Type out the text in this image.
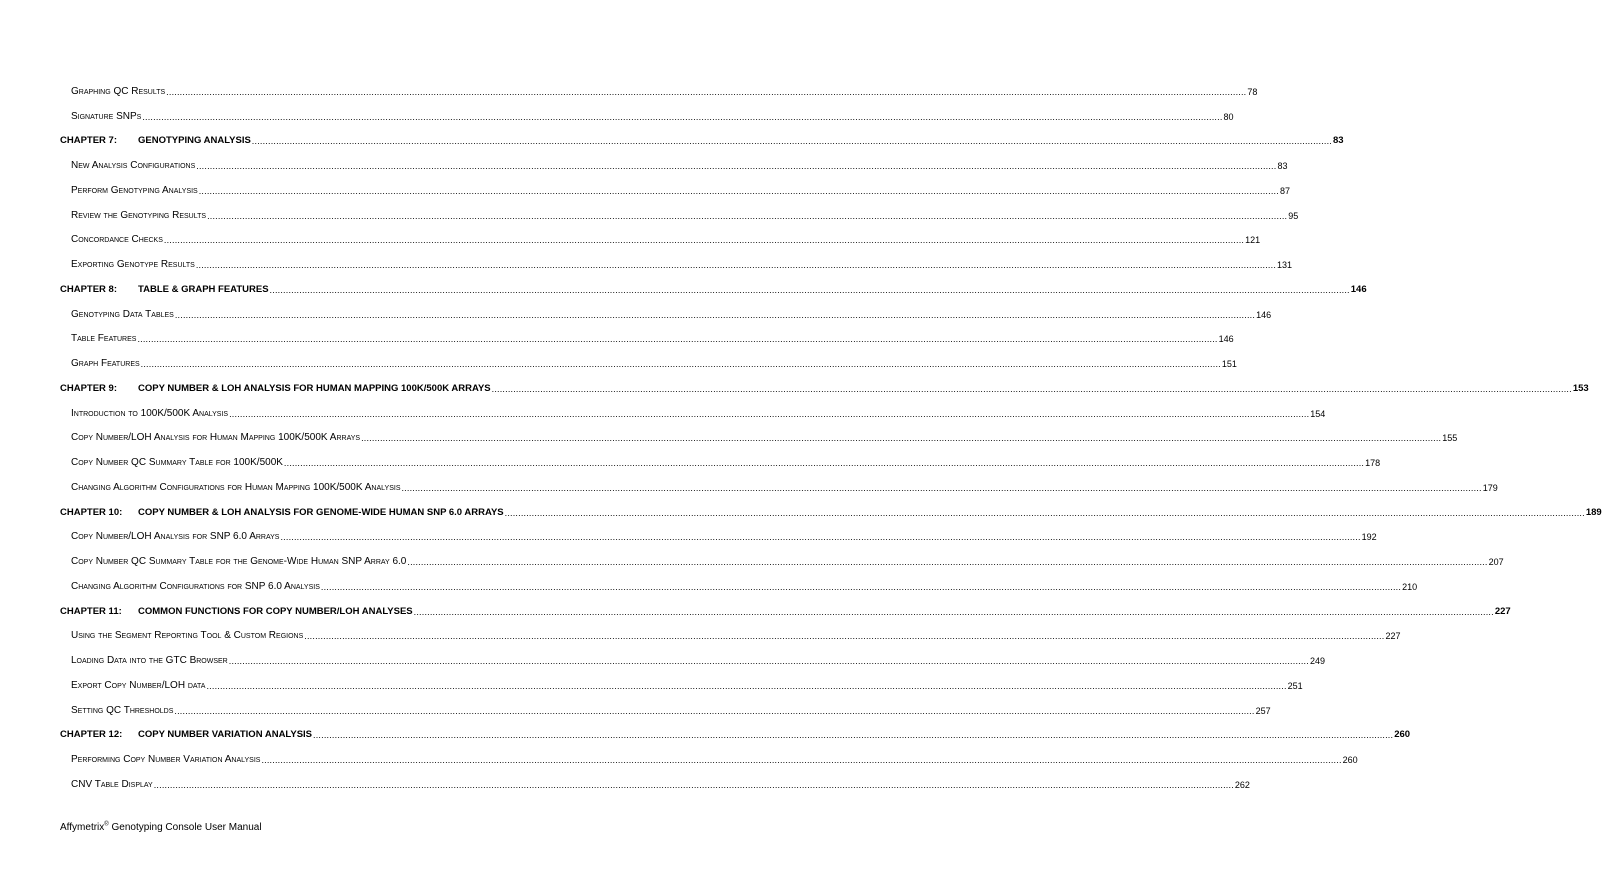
Graphing QC Results ................................................................................................................................................................................................................................................................................................................................................................................................................ 78
Signature SNPs ................................................................................................................................................................................................................................................................................................................................................................................................................ 80
CHAPTER 7: GENOTYPING ANALYSIS ................................................................................................................................................................................................................................................................................................................................................................................................................ 83
New Analysis Configurations ................................................................................................................................................................................................................................................................................................................................................................................................................ 83
Perform Genotyping Analysis ................................................................................................................................................................................................................................................................................................................................................................................................................ 87
Review the Genotyping Results ................................................................................................................................................................................................................................................................................................................................................................................................................ 95
Concordance Checks ................................................................................................................................................................................................................................................................................................................................................................................................................ 121
Exporting Genotype Results ................................................................................................................................................................................................................................................................................................................................................................................................................ 131
CHAPTER 8: TABLE & GRAPH FEATURES ................................................................................................................................................................................................................................................................................................................................................................................................................ 146
Genotyping Data Tables ................................................................................................................................................................................................................................................................................................................................................................................................................ 146
Table Features ................................................................................................................................................................................................................................................................................................................................................................................................................ 146
Graph Features ................................................................................................................................................................................................................................................................................................................................................................................................................ 151
CHAPTER 9: COPY NUMBER & LOH ANALYSIS FOR HUMAN MAPPING 100K/500K ARRAYS ................................................................................................................................................................................................................................................................................................................................................................................................................ 153
Introduction to 100K/500K Analysis ................................................................................................................................................................................................................................................................................................................................................................................................................ 154
Copy Number/LOH Analysis for Human Mapping 100K/500K Arrays ................................................................................................................................................................................................................................................................................................................................................................................................................ 155
Copy Number QC Summary Table for 100K/500K ................................................................................................................................................................................................................................................................................................................................................................................................................ 178
Changing Algorithm Configurations for Human Mapping 100K/500K Analysis ................................................................................................................................................................................................................................................................................................................................................................................................................ 179
CHAPTER 10: COPY NUMBER & LOH ANALYSIS FOR GENOME-WIDE HUMAN SNP 6.0 ARRAYS ................................................................................................................................................................................................................................................................................................................................................................................................................ 189
Copy Number/LOH Analysis for SNP 6.0 Arrays ................................................................................................................................................................................................................................................................................................................................................................................................................ 192
Copy Number QC Summary Table for the Genome-Wide Human SNP Array 6.0 ................................................................................................................................................................................................................................................................................................................................................................................................................ 207
Changing Algorithm Configurations for SNP 6.0 Analysis ................................................................................................................................................................................................................................................................................................................................................................................................................ 210
CHAPTER 11: COMMON FUNCTIONS FOR COPY NUMBER/LOH ANALYSES ................................................................................................................................................................................................................................................................................................................................................................................................................ 227
Using the Segment Reporting Tool & Custom Regions ................................................................................................................................................................................................................................................................................................................................................................................................................ 227
Loading Data into the GTC Browser ................................................................................................................................................................................................................................................................................................................................................................................................................ 249
Export Copy Number/LOH data ................................................................................................................................................................................................................................................................................................................................................................................................................ 251
Setting QC Thresholds ................................................................................................................................................................................................................................................................................................................................................................................................................ 257
CHAPTER 12: COPY NUMBER VARIATION ANALYSIS ................................................................................................................................................................................................................................................................................................................................................................................................................ 260
Performing Copy Number Variation Analysis ................................................................................................................................................................................................................................................................................................................................................................................................................ 260
CNV Table Display ................................................................................................................................................................................................................................................................................................................................................................................................................ 262
Affymetrix® Genotyping Console User Manual
